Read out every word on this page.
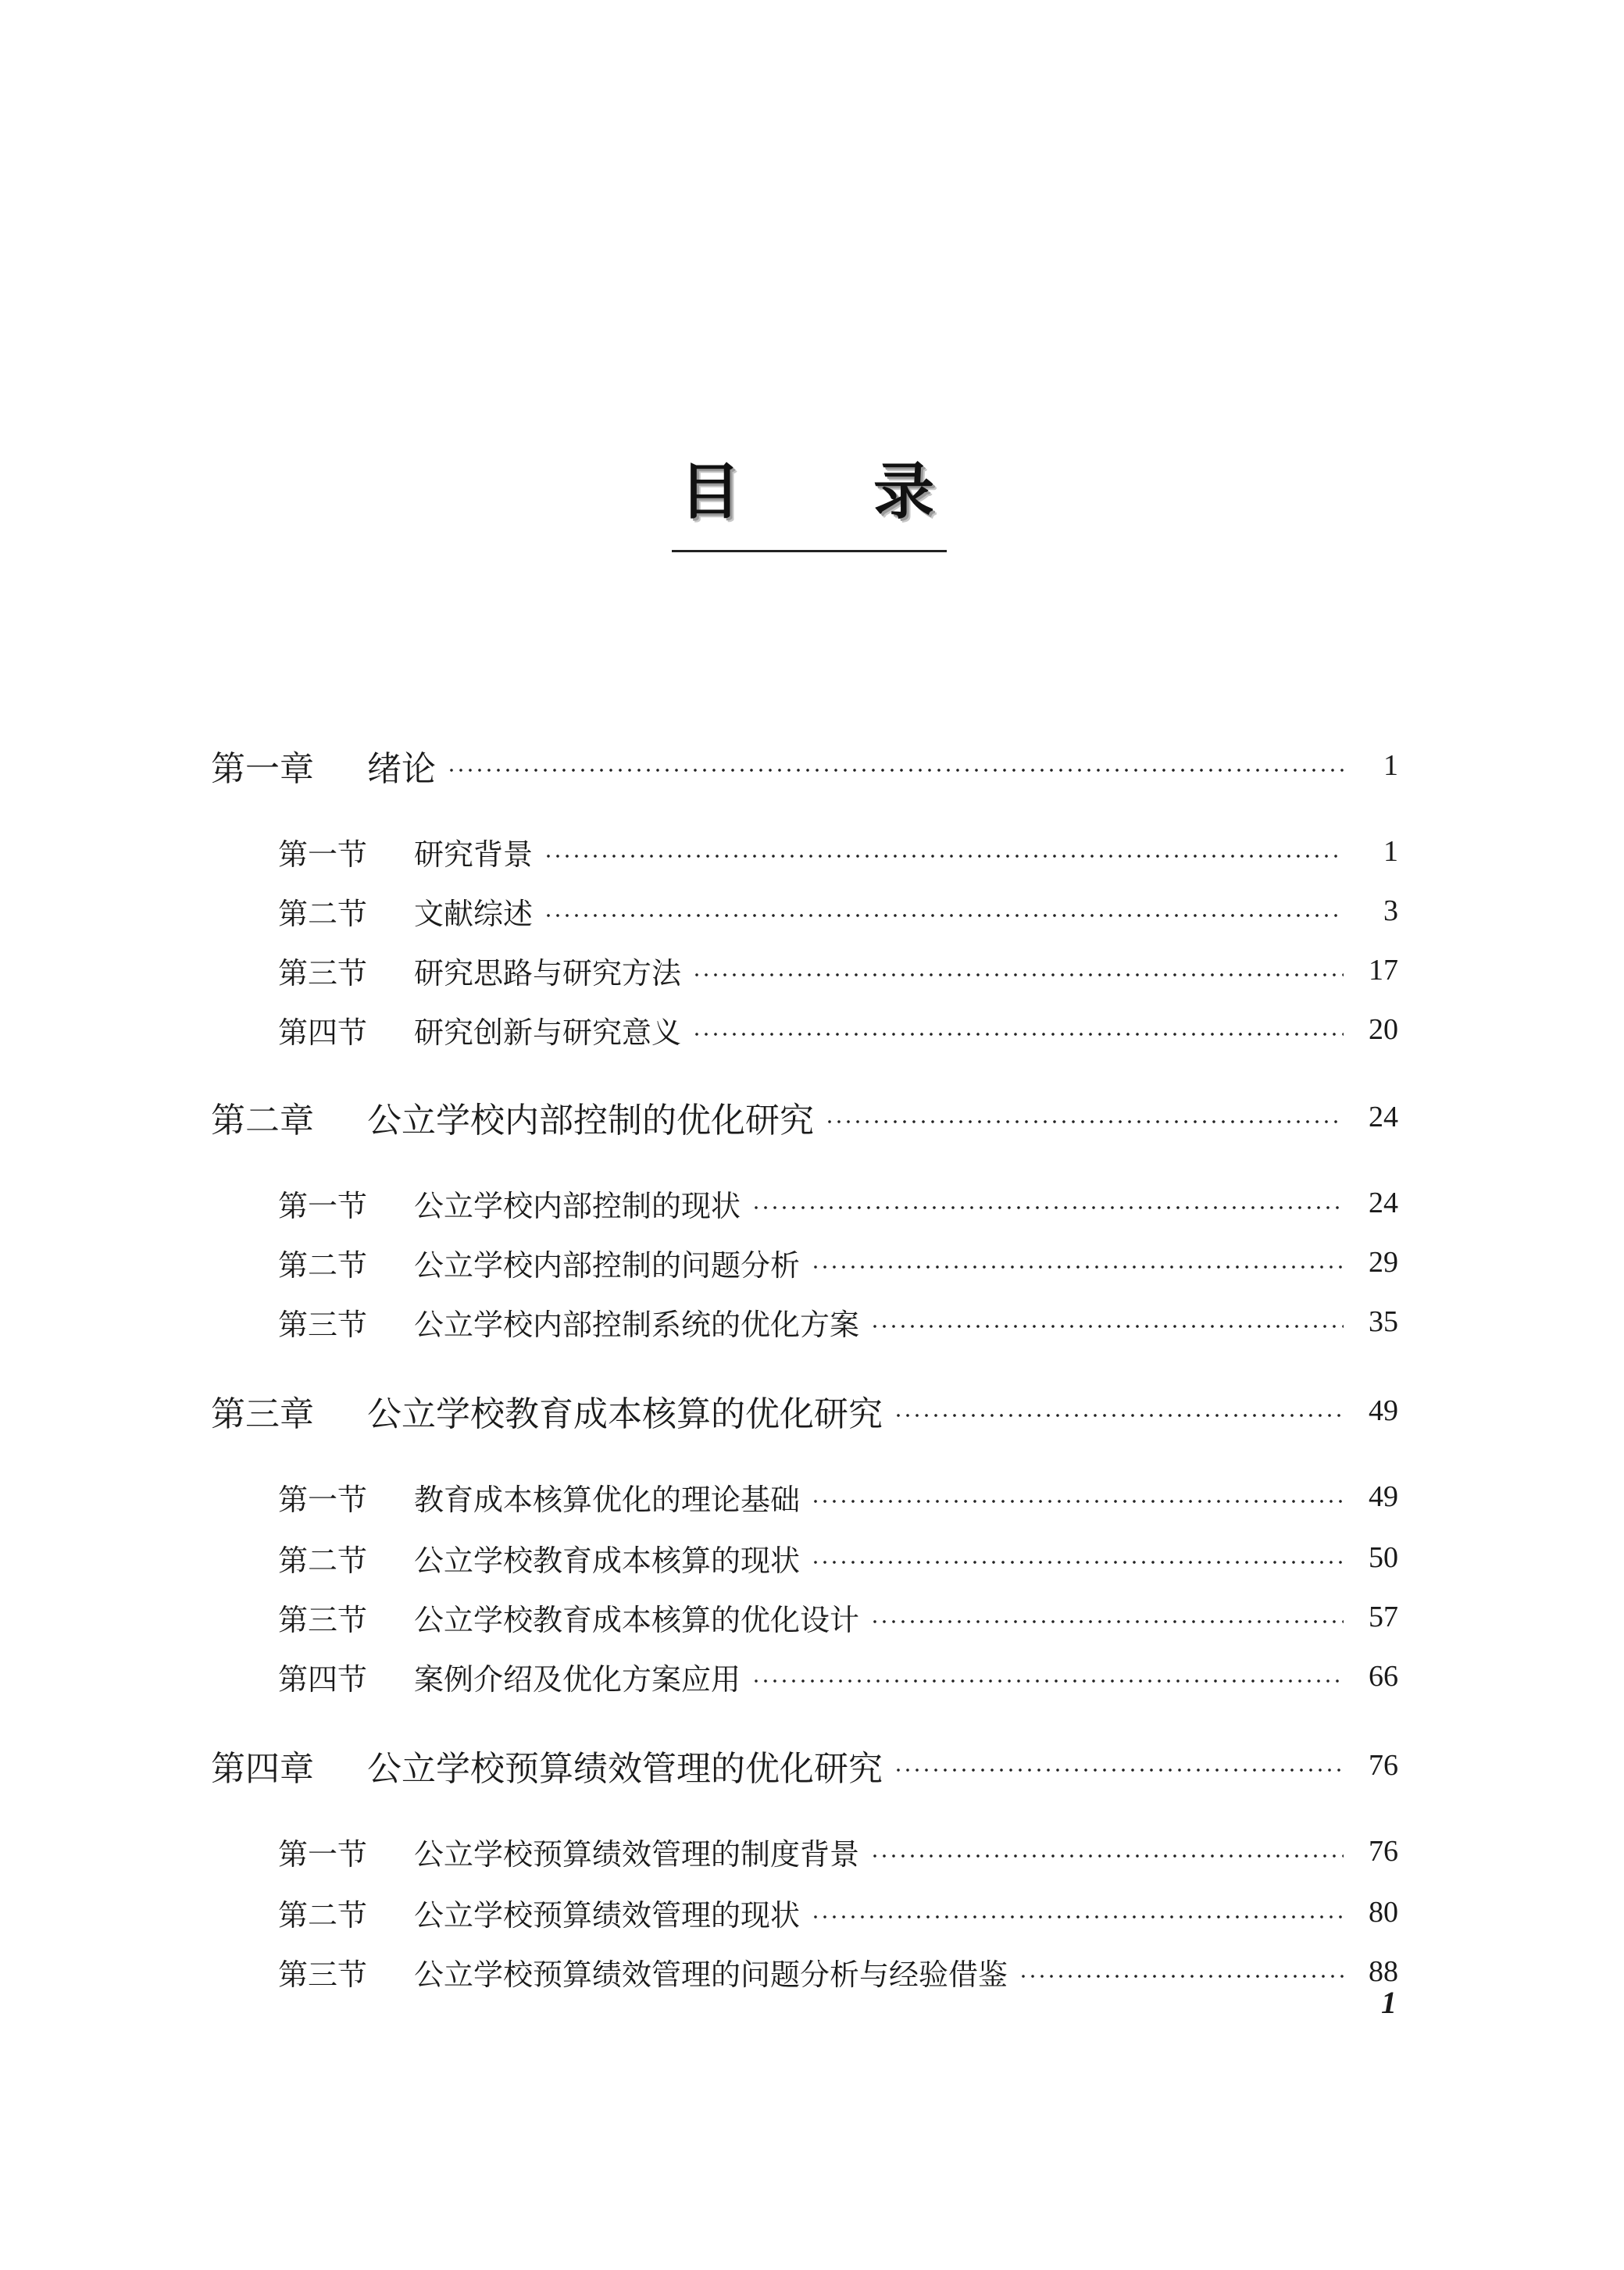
目 录
第一章	绪论	1
第一节	研究背景	1
第二节	文献综述	3
第三节	研究思路与研究方法	17
第四节	研究创新与研究意义	20
第二章	公立学校内部控制的优化研究	24
第一节	公立学校内部控制的现状	24
第二节	公立学校内部控制的问题分析	29
第三节	公立学校内部控制系统的优化方案	35
第三章	公立学校教育成本核算的优化研究	49
第一节	教育成本核算优化的理论基础	49
第二节	公立学校教育成本核算的现状	50
第三节	公立学校教育成本核算的优化设计	57
第四节	案例介绍及优化方案应用	66
第四章	公立学校预算绩效管理的优化研究	76
第一节	公立学校预算绩效管理的制度背景	76
第二节	公立学校预算绩效管理的现状	80
第三节	公立学校预算绩效管理的问题分析与经验借鉴	88
1
